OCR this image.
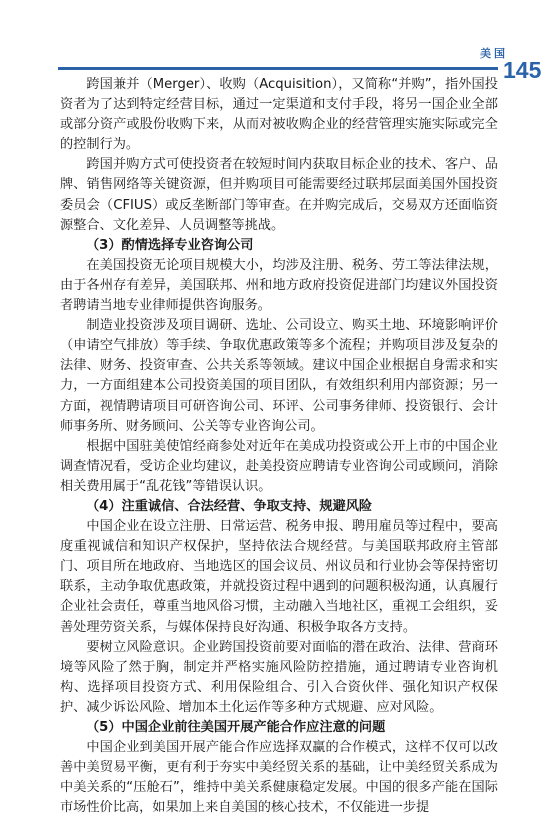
美国
145

跨国兼并（Merger）、收购（Acquisition），又简称“并购”，指外国投资者为了达到特定经营目标，通过一定渠道和支付手段，将另一国企业全部或部分资产或股份收购下来，从而对被收购企业的经营管理实施实际或完全的控制行为。

跨国并购方式可使投资者在较短时间内获取目标企业的技术、客户、品牌、销售网络等关键资源，但并购项目可能需要经过联邦层面美国外国投资委员会（CFIUS）或反垄断部门等审查。在并购完成后，交易双方还面临资源整合、文化差异、人员调整等挑战。

（3）酌情选择专业咨询公司

在美国投资无论项目规模大小，均涉及注册、税务、劳工等法律法规，由于各州存有差异，美国联邦、州和地方政府投资促进部门均建议外国投资者聘请当地专业律师提供咨询服务。

制造业投资涉及项目调研、选址、公司设立、购买土地、环境影响评价（申请空气排放）等手续、争取优惠政策等多个流程；并购项目涉及复杂的法律、财务、投资审查、公共关系等领域。建议中国企业根据自身需求和实力，一方面组建本公司投资美国的项目团队，有效组织利用内部资源；另一方面，视情聘请项目可研咨询公司、环评、公司事务律师、投资银行、会计师事务所、财务顾问、公关等专业咨询公司。

根据中国驻美使馆经商参处对近年在美成功投资或公开上市的中国企业调查情况看，受访企业均建议，赴美投资应聘请专业咨询公司或顾问，消除相关费用属于“乱花钱”等错误认识。

（4）注重诚信、合法经营、争取支持、规避风险

中国企业在设立注册、日常运营、税务申报、聘用雇员等过程中，要高度重视诚信和知识产权保护，坚持依法合规经营。与美国联邦政府主管部门、项目所在地政府、当地选区的国会议员、州议员和行业协会等保持密切联系，主动争取优惠政策，并就投资过程中遇到的问题积极沟通，认真履行企业社会责任，尊重当地风俗习惯，主动融入当地社区，重视工会组织，妥善处理劳资关系，与媒体保持良好沟通、积极争取各方支持。

要树立风险意识。企业跨国投资前要对面临的潜在政治、法律、营商环境等风险了然于胸，制定并严格实施风险防控措施，通过聘请专业咨询机构、选择项目投资方式、利用保险组合、引入合资伙伴、强化知识产权保护、减少诉讼风险、增加本土化运作等多种方式规避、应对风险。

（5）中国企业前往美国开展产能合作应注意的问题

中国企业到美国开展产能合作应选择双赢的合作模式，这样不仅可以改善中美贸易平衡，更有利于夯实中美经贸关系的基础，让中美经贸关系成为中美关系的“压舱石”，维持中美关系健康稳定发展。中国的很多产能在国际市场性价比高，如果加上来自美国的核心技术，不仅能进一步提
